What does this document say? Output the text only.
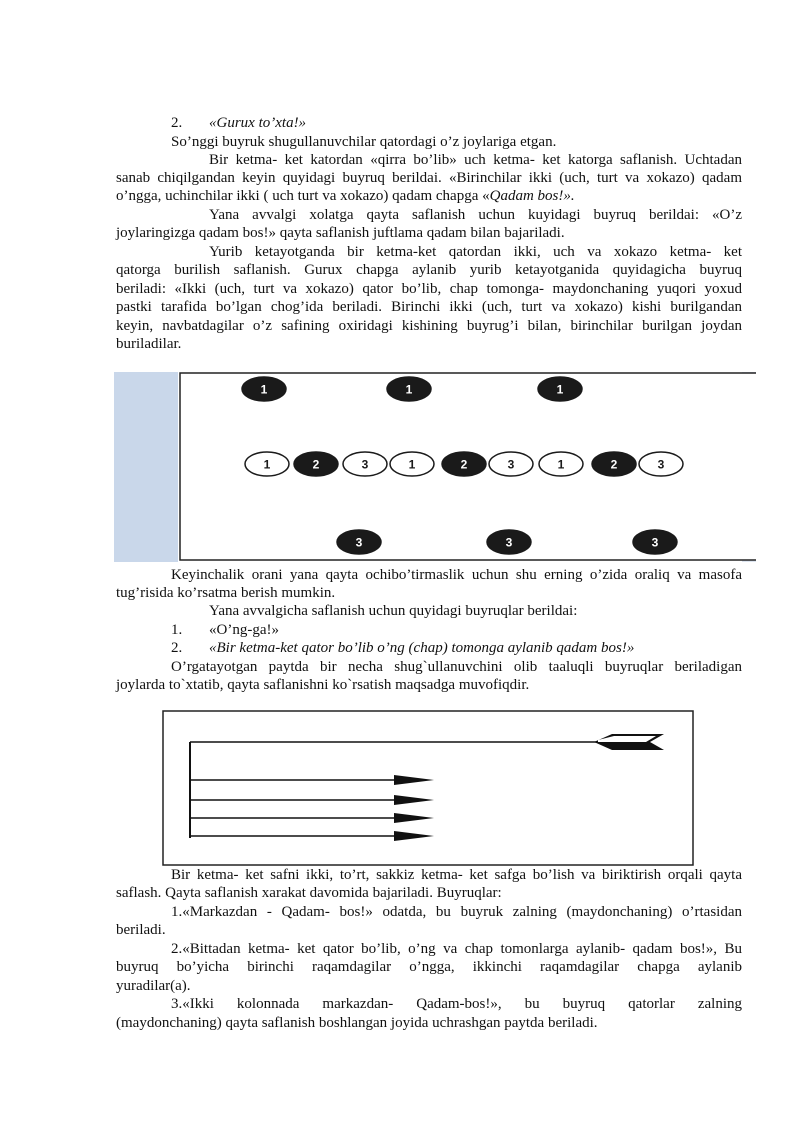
2. «Gurux to’xta!»
So’nggi buyruk shugullanuvchilar qatordagi o’z joylariga etgan.
Bir ketma- ket katordan «qirra bo’lib» uch ketma- ket katorga saflanish. Uchtadan
sanab chiqilgandan keyin quyidagi buyruq berildai. «Birinchilar ikki (uch, turt va xokazo) qadam
o’ngga, uchinchilar ikki ( uch turt va xokazo) qadam chapga «Qadam bos!».
Yana avvalgi xolatga qayta saflanish uchun kuyidagi buyruq berildai: «O’z
joylaringizga qadam bos!» qayta saflanish juftlama qadam bilan bajariladi.
Yurib ketayotganda bir ketma-ket qatordan ikki, uch va xokazo ketma- ket
qatorga burilish saflanish. Gurux chapga aylanib yurib ketayotganida quyidagicha buyruq
beriladi: «Ikki (uch, turt va xokazo) qator bo’lib, chap tomonga- maydonchaning yuqori yoxud
pastki tarafida bo’lgan chog’ida beriladi. Birinchi ikki (uch, turt va xokazo) kishi burilgandan
keyin, navbatdagilar o’z safining oxiridagi kishining buyrug’i bilan, birinchilar burilgan joydan
buriladilar.
1	1	1
1	2	3	1	2	3	1	2	3
3	3	3
Keyinchalik orani yana qayta ochibo’tirmaslik uchun shu erning o’zida oraliq va masofa
tug’risida ko’rsatma berish mumkin.
Yana avvalgicha saflanish uchun quyidagi buyruqlar berildai:
1. «O’ng-ga!»
2. «Bir ketma-ket qator bo’lib o’ng (chap) tomonga aylanib qadam bos!»
O’rgatayotgan paytda bir necha shug`ullanuvchini olib taaluqli buyruqlar beriladigan
joylarda to`xtatib, qayta saflanishni ko`rsatish maqsadga muvofiqdir.
Bir ketma- ket safni ikki, to’rt, sakkiz ketma- ket safga bo’lish va biriktirish orqali qayta
saflash. Qayta saflanish xarakat davomida bajariladi. Buyruqlar:
1.«Markazdan - Qadam- bos!» odatda, bu buyruk zalning (maydonchaning) o’rtasidan
beriladi.
2.«Bittadan ketma- ket qator bo’lib, o’ng va chap tomonlarga aylanib- qadam bos!», Bu
buyruq bo’yicha birinchi raqamdagilar o’ngga, ikkinchi raqamdagilar chapga aylanib
yuradilar(a).
3.«Ikki kolonnada markazdan- Qadam-bos!», bu buyruq qatorlar zalning
(maydonchaning) qayta saflanish boshlangan joyida uchrashgan paytda beriladi.
